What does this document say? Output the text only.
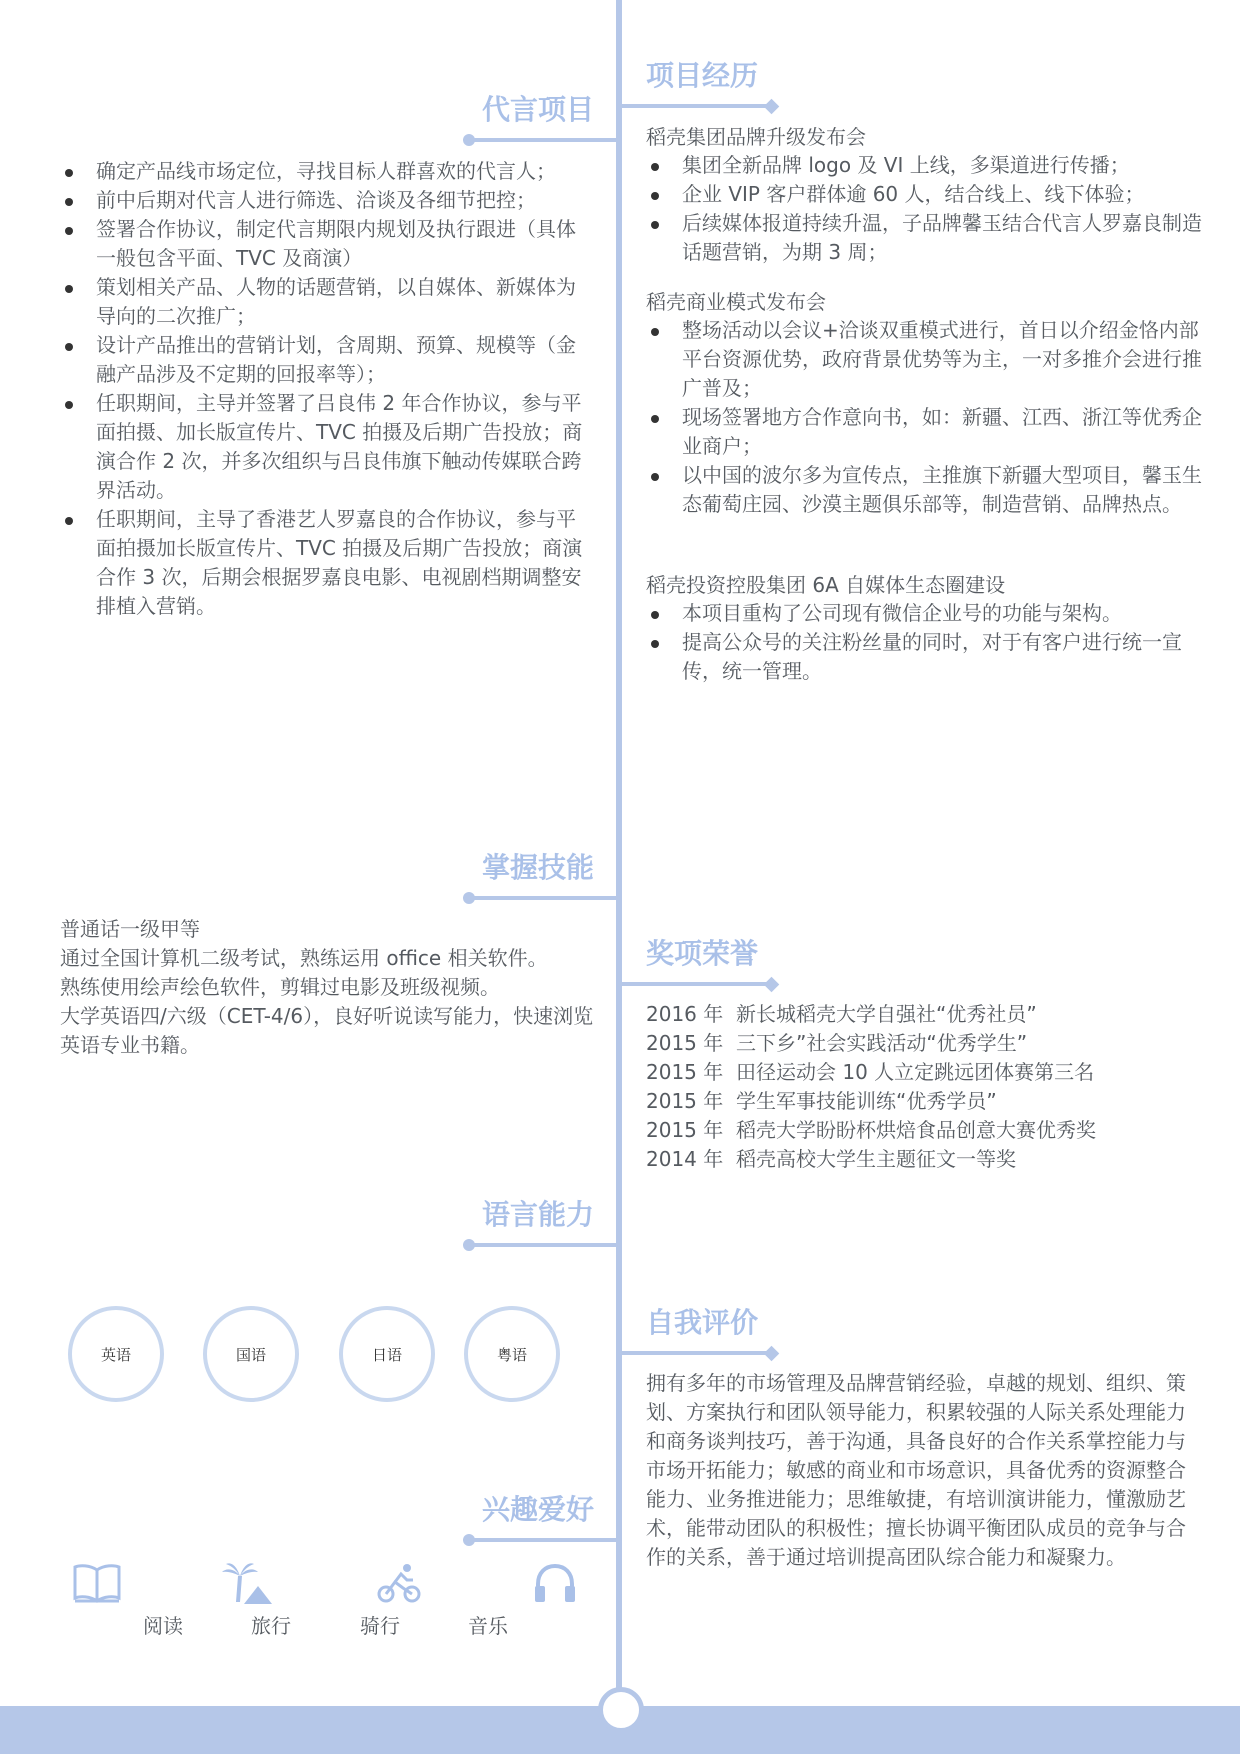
代言项目
确定产品线市场定位，寻找目标人群喜欢的代言人；
前中后期对代言人进行筛选、洽谈及各细节把控；
签署合作协议，制定代言期限内规划及执行跟进（具体一般包含平面、TVC 及商演）
策划相关产品、人物的话题营销，以自媒体、新媒体为导向的二次推广；
设计产品推出的营销计划，含周期、预算、规模等（金融产品涉及不定期的回报率等）；
任职期间，主导并签署了吕良伟 2 年合作协议，参与平面拍摄、加长版宣传片、TVC 拍摄及后期广告投放；商演合作 2 次，并多次组织与吕良伟旗下触动传媒联合跨界活动。
任职期间，主导了香港艺人罗嘉良的合作协议，参与平面拍摄加长版宣传片、TVC 拍摄及后期广告投放；商演合作 3 次，后期会根据罗嘉良电影、电视剧档期调整安排植入营销。
项目经历
稻壳集团品牌升级发布会
集团全新品牌 logo 及 VI 上线，多渠道进行传播；
企业 VIP 客户群体逾 60 人，结合线上、线下体验；
后续媒体报道持续升温，子品牌馨玉结合代言人罗嘉良制造话题营销，为期 3 周；
稻壳商业模式发布会
整场活动以会议+洽谈双重模式进行，首日以介绍金恪内部平台资源优势，政府背景优势等为主，一对多推介会进行推广普及；
现场签署地方合作意向书，如：新疆、江西、浙江等优秀企业商户；
以中国的波尔多为宣传点，主推旗下新疆大型项目，馨玉生态葡萄庄园、沙漠主题俱乐部等，制造营销、品牌热点。
稻壳投资控股集团 6A 自媒体生态圈建设
本项目重构了公司现有微信企业号的功能与架构。
提高公众号的关注粉丝量的同时，对于有客户进行统一宣传，统一管理。
掌握技能
普通话一级甲等
通过全国计算机二级考试，熟练运用 office 相关软件。
熟练使用绘声绘色软件，剪辑过电影及班级视频。
大学英语四/六级（CET-4/6），良好听说读写能力，快速浏览英语专业书籍。
奖项荣誉
2016 年 新长城稻壳大学自强社“优秀社员”
2015 年 三下乡”社会实践活动“优秀学生”
2015 年 田径运动会 10 人立定跳远团体赛第三名
2015 年 学生军事技能训练“优秀学员”
2015 年 稻壳大学盼盼杯烘焙食品创意大赛优秀奖
2014 年 稻壳高校大学生主题征文一等奖
语言能力
英语	国语	日语	粤语
自我评价
拥有多年的市场管理及品牌营销经验，卓越的规划、组织、策划、方案执行和团队领导能力，积累较强的人际关系处理能力和商务谈判技巧，善于沟通，具备良好的合作关系掌控能力与市场开拓能力；敏感的商业和市场意识，具备优秀的资源整合能力、业务推进能力；思维敏捷，有培训演讲能力，懂激励艺术，能带动团队的积极性；擅长协调平衡团队成员的竞争与合作的关系，善于通过培训提高团队综合能力和凝聚力。
兴趣爱好
阅读	旅行	骑行	音乐
